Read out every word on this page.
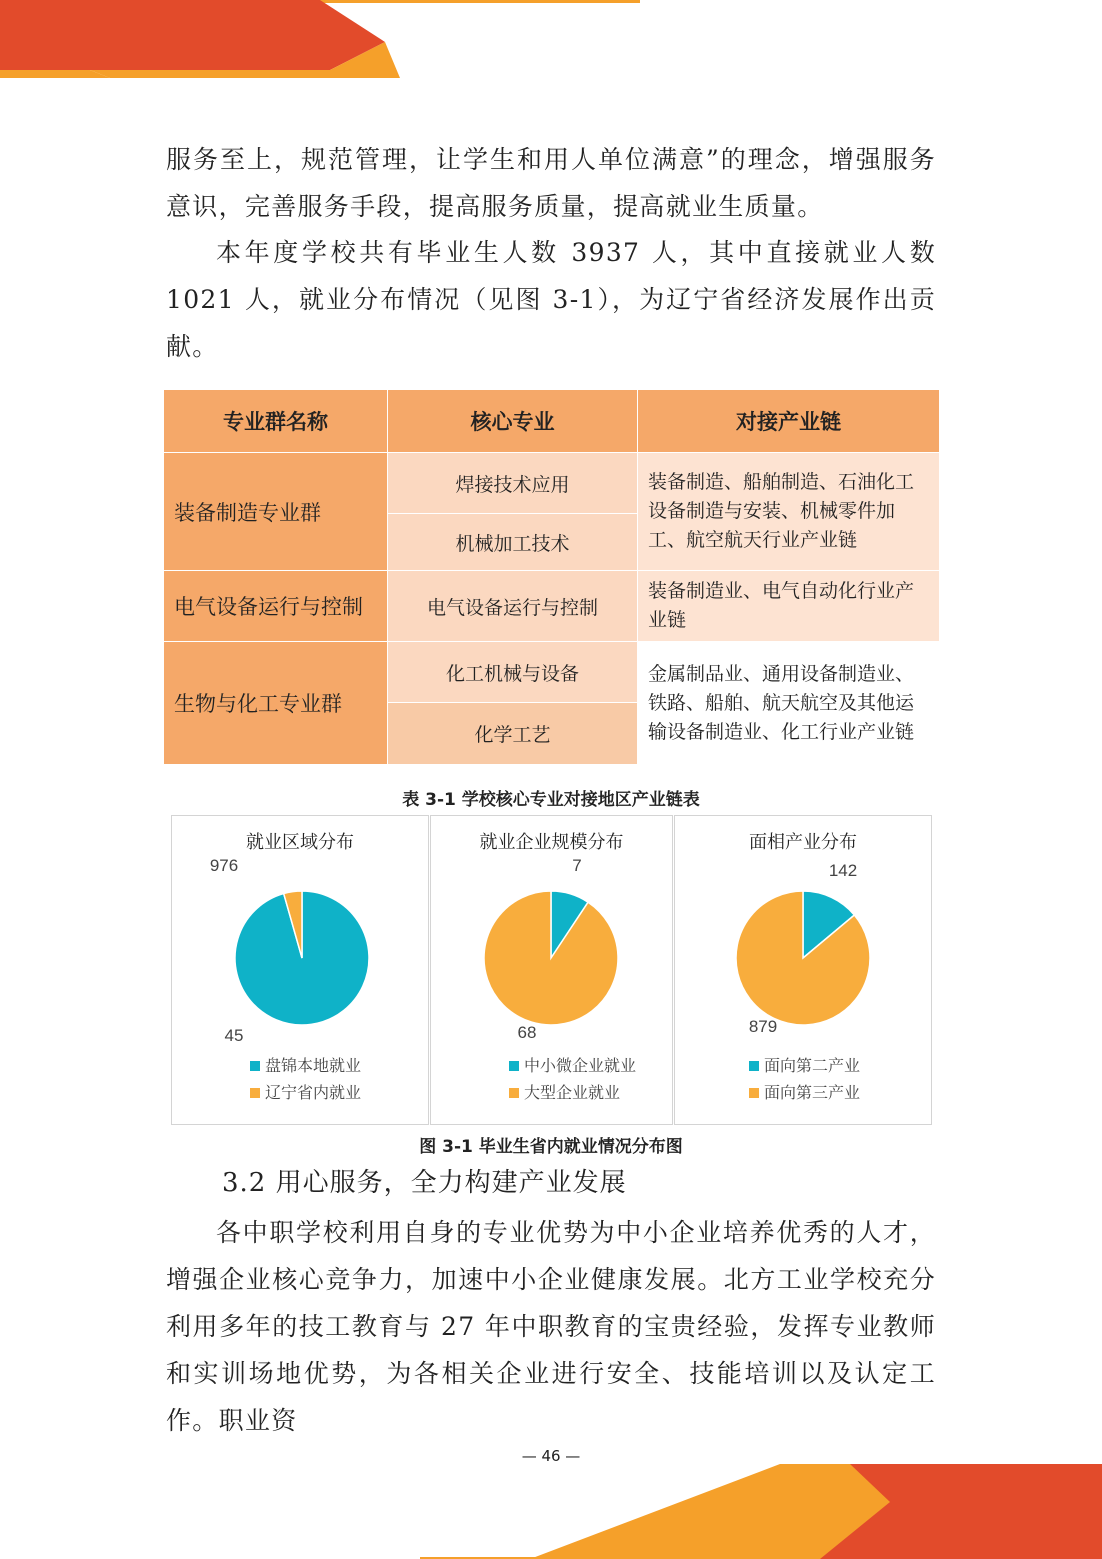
服务至上，规范管理，让学生和用人单位满意”的理念，增强服务意识，完善服务手段，提高服务质量，提高就业生质量。

本年度学校共有毕业生人数 3937 人，其中直接就业人数 1021 人，就业分布情况（见图 3-1），为辽宁省经济发展作出贡献。

专业群名称	核心专业	对接产业链
装备制造专业群	焊接技术应用	装备制造、船舶制造、石油化工设备制造与安装、机械零件加工、航空航天行业产业链
	机械加工技术	
电气设备运行与控制	电气设备运行与控制	装备制造业、电气自动化行业产业链
生物与化工专业群	化工机械与设备	金属制品业、通用设备制造业、铁路、船舶、航天航空及其他运输设备制造业、化工行业产业链
	化学工艺	
表 3-1 学校核心专业对接地区产业链表
就业区域分布
976
45
盘锦本地就业
辽宁省内就业
就业企业规模分布
7
68
中小微企业就业
大型企业就业
面相产业分布
142
879
面向第二产业
面向第三产业
图 3-1 毕业生省内就业情况分布图
3.2 用心服务，全力构建产业发展

各中职学校利用自身的专业优势为中小企业培养优秀的人才，增强企业核心竞争力，加速中小企业健康发展。北方工业学校充分利用多年的技工教育与 27 年中职教育的宝贵经验，发挥专业教师和实训场地优势，为各相关企业进行安全、技能培训以及认定工作。职业资

— 46 —
